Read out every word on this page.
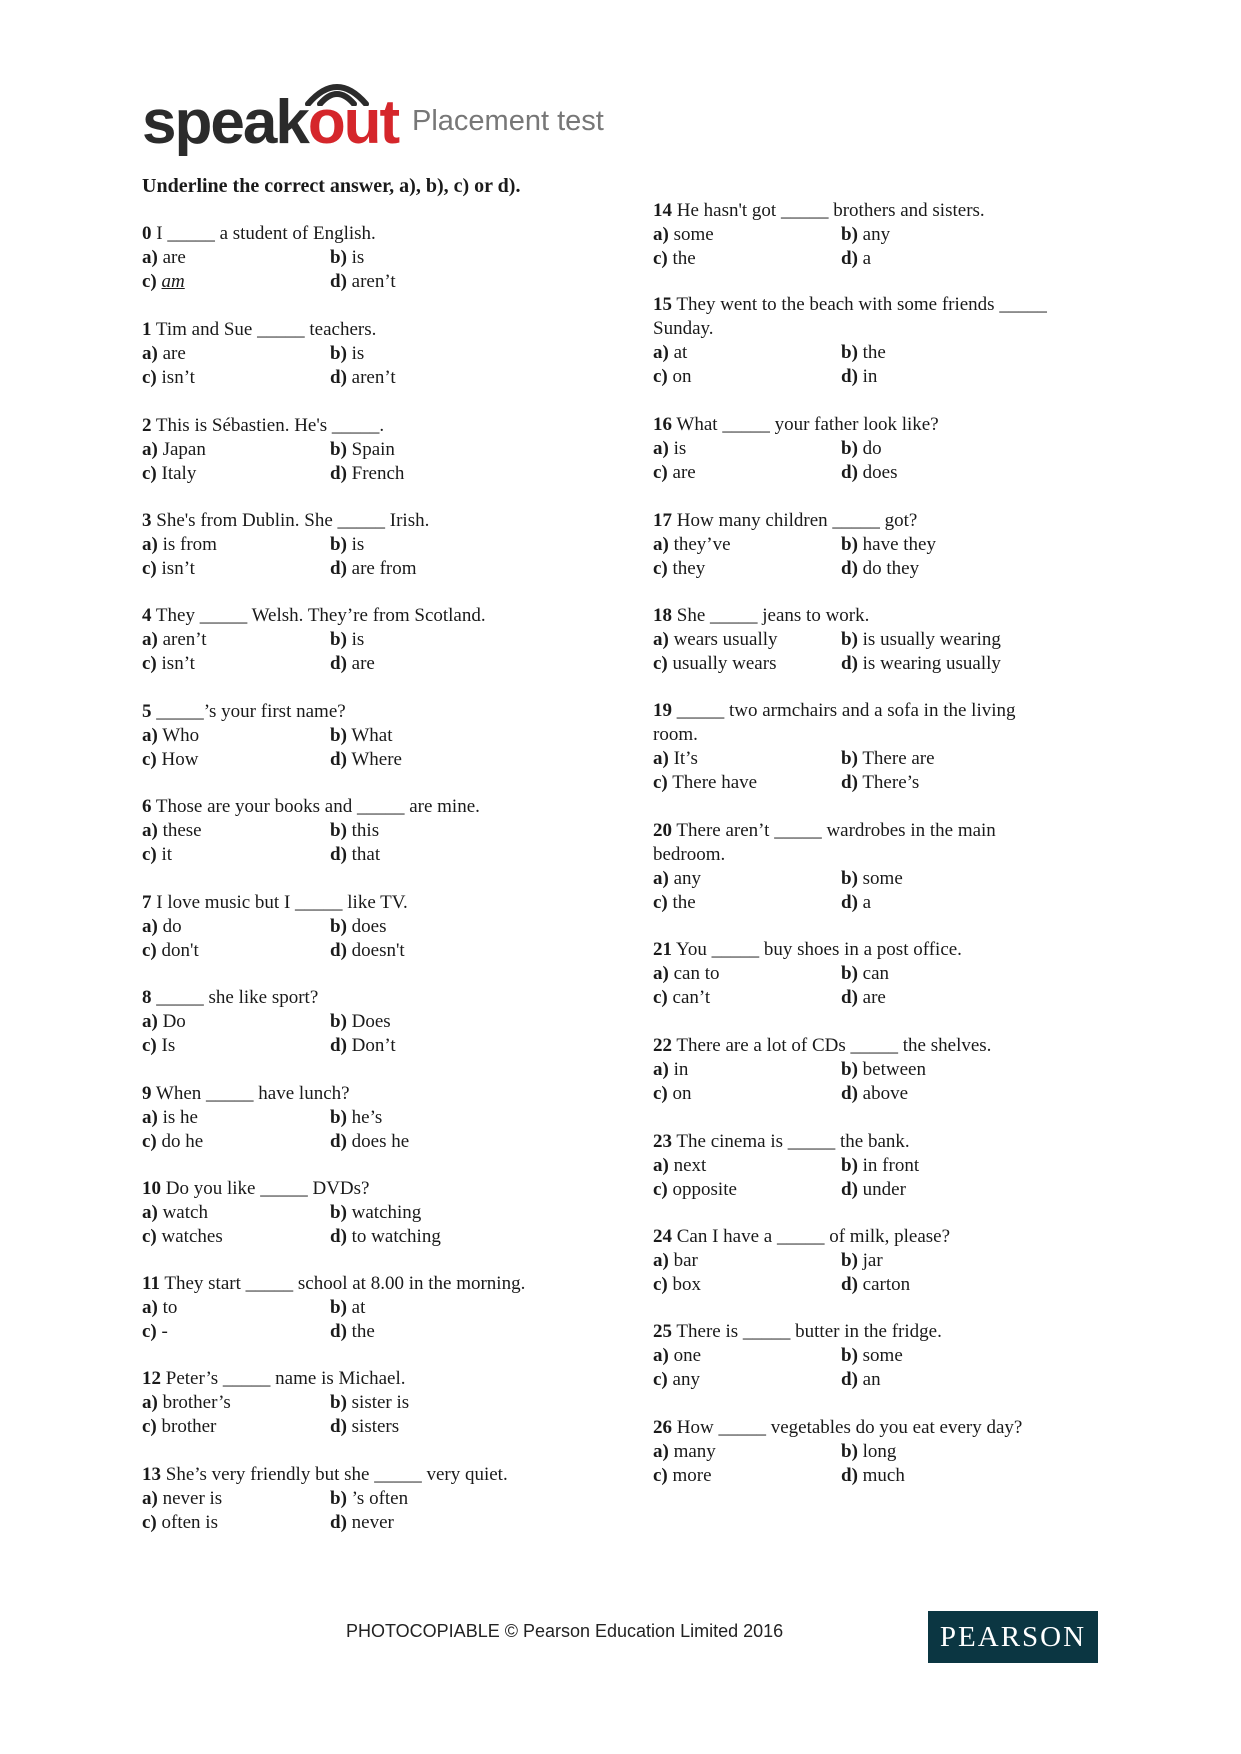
speakout Placement test
Underline the correct answer, a), b), c) or d).
0 I _____ a student of English.
a) are	b) is
c) am	d) aren’t
1 Tim and Sue _____ teachers.
a) are	b) is
c) isn’t	d) aren’t
2 This is Sébastien. He's _____.
a) Japan	b) Spain
c) Italy	d) French
3 She's from Dublin. She _____ Irish.
a) is from	b) is
c) isn’t	d) are from
4 They _____ Welsh. They’re from Scotland.
a) aren’t	b) is
c) isn’t	d) are
5 _____’s your first name?
a) Who	b) What
c) How	d) Where
6 Those are your books and _____ are mine.
a) these	b) this
c) it	d) that
7 I love music but I _____ like TV.
a) do	b) does
c) don't	d) doesn't
8 _____ she like sport?
a) Do	b) Does
c) Is	d) Don’t
9 When _____ have lunch?
a) is he	b) he’s
c) do he	d) does he
10 Do you like _____ DVDs?
a) watch	b) watching
c) watches	d) to watching
11 They start _____ school at 8.00 in the morning.
a) to	b) at
c) -	d) the
12 Peter’s _____ name is Michael.
a) brother’s	b) sister is
c) brother	d) sisters
13 She’s very friendly but she _____ very quiet.
a) never is	b) ’s often
c) often is	d) never
14 He hasn't got _____ brothers and sisters.
a) some	b) any
c) the	d) a
15 They went to the beach with some friends _____
Sunday.
a) at	b) the
c) on	d) in
16 What _____ your father look like?
a) is	b) do
c) are	d) does
17 How many children _____ got?
a) they’ve	b) have they
c) they	d) do they
18 She _____ jeans to work.
a) wears usually	b) is usually wearing
c) usually wears	d) is wearing usually
19 _____ two armchairs and a sofa in the living
room.
a) It’s	b) There are
c) There have	d) There’s
20 There aren’t _____ wardrobes in the main
bedroom.
a) any	b) some
c) the	d) a
21 You _____ buy shoes in a post office.
a) can to	b) can
c) can’t	d) are
22 There are a lot of CDs _____ the shelves.
a) in	b) between
c) on	d) above
23 The cinema is _____ the bank.
a) next	b) in front
c) opposite	d) under
24 Can I have a _____ of milk, please?
a) bar	b) jar
c) box	d) carton
25 There is _____ butter in the fridge.
a) one	b) some
c) any	d) an
26 How _____ vegetables do you eat every day?
a) many	b) long
c) more	d) much
PHOTOCOPIABLE © Pearson Education Limited 2016	PEARSON
